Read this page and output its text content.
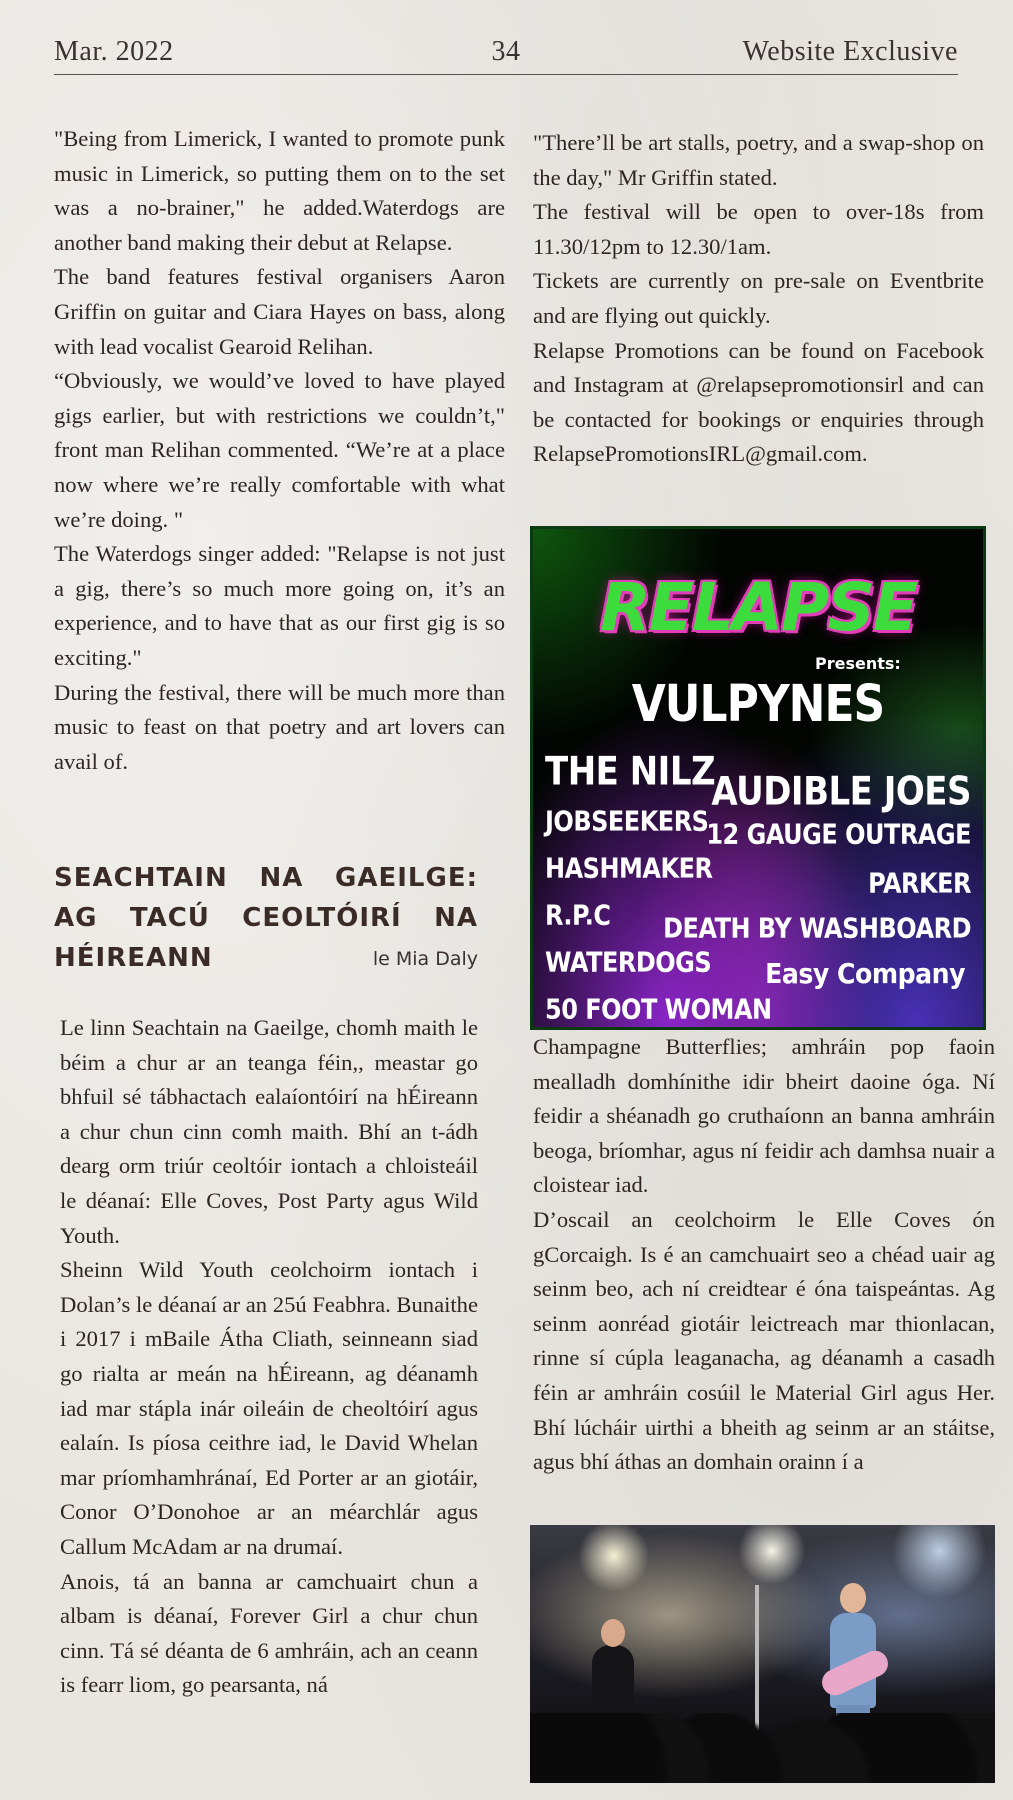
Mar. 2022	34	Website Exclusive

"Being from Limerick, I wanted to promote punk music in Limerick, so putting them on to the set was a no-brainer," he added.Waterdogs are another band making their debut at Relapse.

The band features festival organisers Aaron Griffin on guitar and Ciara Hayes on bass, along with lead vocalist Gearoid Relihan.

“Obviously, we would’ve loved to have played gigs earlier, but with restrictions we couldn’t," front man Relihan commented. “We’re at a place now where we’re really comfortable with what we’re doing. "

The Waterdogs singer added: "Relapse is not just a gig, there’s so much more going on, it’s an experience, and to have that as our first gig is so exciting."

During the festival, there will be much more than music to feast on that poetry and art lovers can avail of.

"There’ll be art stalls, poetry, and a swap-shop on the day," Mr Griffin stated.

The festival will be open to over-18s from 11.30/12pm to 12.30/1am.

Tickets are currently on pre-sale on Eventbrite and are flying out quickly.

Relapse Promotions can be found on Facebook and Instagram at @relapsepromotionsirl and can be contacted for bookings or enquiries through RelapsePromotionsIRL@gmail.com.

RELAPSE
Presents:
VULPYNES
THE NILZ
JOBSEEKERS
HASHMAKER
R.P.C
WATERDOGS
50 FOOT WOMAN
AUDIBLE JOES
12 GAUGE OUTRAGE
PARKER
DEATH BY WASHBOARD
Easy Company
SEACHTAIN NA GAEILGE: AG TACÚ CEOLTÓIRÍ NA HÉIREANN	le Mia Daly

Le linn Seachtain na Gaeilge, chomh maith le béim a chur ar an teanga féin,, meastar go bhfuil sé tábhactach ealaíontóirí na hÉireann a chur chun cinn comh maith. Bhí an t-ádh dearg orm triúr ceoltóir iontach a chloisteáil le déanaí: Elle Coves, Post Party agus Wild Youth.

Sheinn Wild Youth ceolchoirm iontach i Dolan’s le déanaí ar an 25ú Feabhra. Bunaithe i 2017 i mBaile Átha Cliath, seinneann siad go rialta ar meán na hÉireann, ag déanamh iad mar stápla inár oileáin de cheoltóirí agus ealaín. Is píosa ceithre iad, le David Whelan mar príomhamhránaí, Ed Porter ar an giotáir, Conor O’Donohoe ar an méarchlár agus Callum McAdam ar na drumaí.

Anois, tá an banna ar camchuairt chun a albam is déanaí, Forever Girl a chur chun cinn. Tá sé déanta de 6 amhráin, ach an ceann is fearr liom, go pearsanta, ná

Champagne Butterflies; amhráin pop faoin mealladh domhínithe idir bheirt daoine óga. Ní feidir a shéanadh go cruthaíonn an banna amhráin beoga, bríomhar, agus ní feidir ach damhsa nuair a cloistear iad.

D’oscail an ceolchoirm le Elle Coves ón gCorcaigh. Is é an camchuairt seo a chéad uair ag seinm beo, ach ní creidtear é óna taispeántas. Ag seinm aonréad giotáir leictreach mar thionlacan, rinne sí cúpla leaganacha, ag déanamh a casadh féin ar amhráin cosúil le Material Girl agus Her. Bhí lúcháir uirthi a bheith ag seinm ar an stáitse, agus bhí áthas an domhain orainn í a
